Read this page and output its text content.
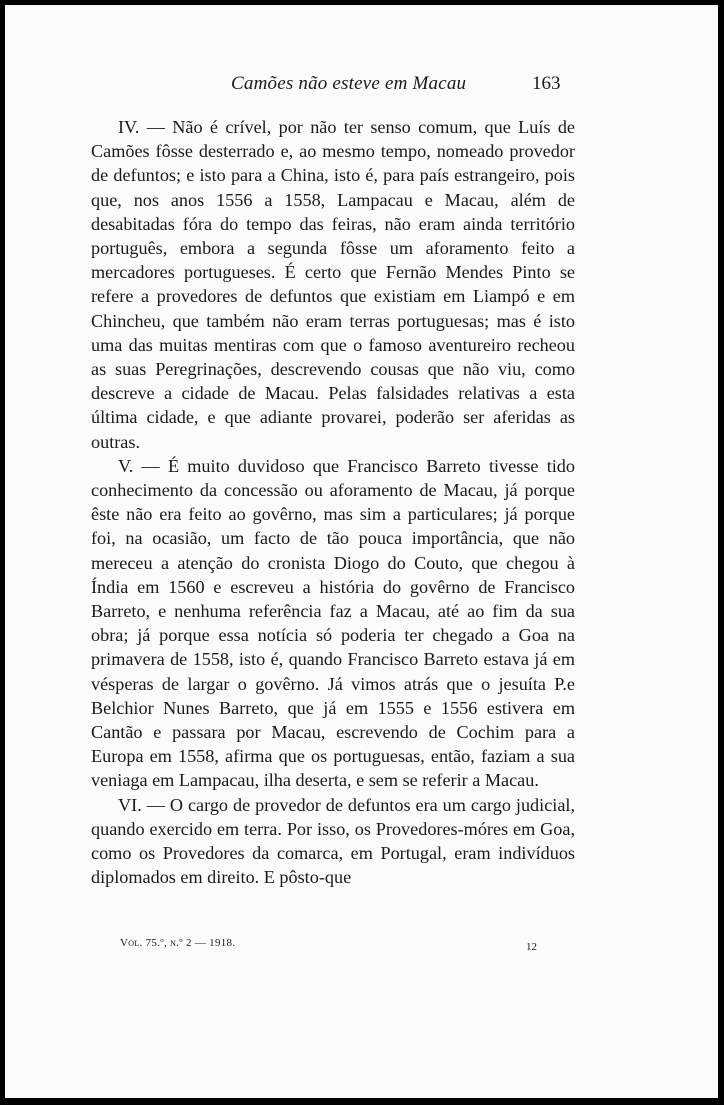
Camões não esteve em Macau	163

IV. — Não é crível, por não ter senso comum, que Luís de Camões fôsse desterrado e, ao mesmo tempo, nomeado provedor de defuntos; e isto para a China, isto é, para país estrangeiro, pois que, nos anos 1556 a 1558, Lampacau e Macau, além de desabitadas fóra do tempo das feiras, não eram ainda território português, embora a segunda fôsse um aforamento feito a mercadores portugueses. É certo que Fernão Mendes Pinto se refere a provedores de defuntos que existiam em Liampó e em Chincheu, que também não eram terras portuguesas; mas é isto uma das muitas mentiras com que o famoso aventureiro recheou as suas Peregrinações, descrevendo cousas que não viu, como descreve a cidade de Macau. Pelas falsidades relativas a esta última cidade, e que adiante provarei, poderão ser aferidas as outras.

V. — É muito duvidoso que Francisco Barreto tivesse tido conhecimento da concessão ou aforamento de Macau, já porque êste não era feito ao govêrno, mas sim a particulares; já porque foi, na ocasião, um facto de tão pouca importância, que não mereceu a atenção do cronista Diogo do Couto, que chegou à Índia em 1560 e escreveu a história do govêrno de Francisco Barreto, e nenhuma referência faz a Macau, até ao fim da sua obra; já porque essa notícia só poderia ter chegado a Goa na primavera de 1558, isto é, quando Francisco Barreto estava já em vésperas de largar o govêrno. Já vimos atrás que o jesuíta P.e Belchior Nunes Barreto, que já em 1555 e 1556 estivera em Cantão e passara por Macau, escrevendo de Cochim para a Europa em 1558, afirma que os portuguesas, então, faziam a sua veniaga em Lampacau, ilha deserta, e sem se referir a Macau.

VI. — O cargo de provedor de defuntos era um cargo judicial, quando exercido em terra. Por isso, os Provedores-móres em Goa, como os Provedores da comarca, em Portugal, eram indivíduos diplomados em direito. E pôsto-que

Vol. 75.º, n.º 2 — 1918.	12
